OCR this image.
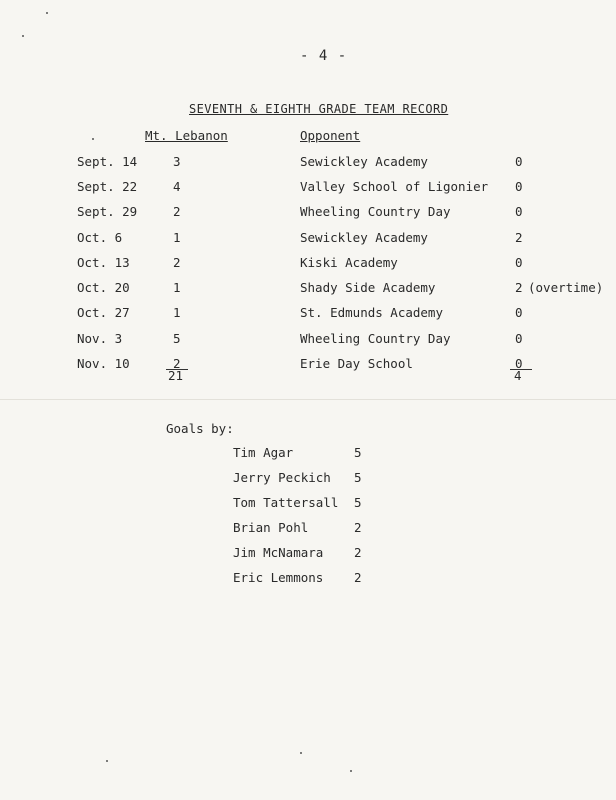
- 4 -
SEVENTH & EIGHTH GRADE TEAM RECORD
Mt. Lebanon	Opponent
Sept. 14	3	Sewickley Academy	0
Sept. 22	4	Valley School of Ligonier 0
Sept. 29	2	Wheeling Country Day	0
Oct. 6	1	Sewickley Academy	2
Oct. 13	2	Kiski Academy	0
Oct. 20	1	Shady Side Academy	2 (overtime)
Oct. 27	1	St. Edmunds Academy	0
Nov. 3	5	Wheeling Country Day	0
Nov. 10	2	Erie Day School	0
21	4
Goals by:
Tim Agar	5
Jerry Peckich 5
Tom Tattersall 5
Brian Pohl	2
Jim McNamara 2
Eric Lemmons 2
